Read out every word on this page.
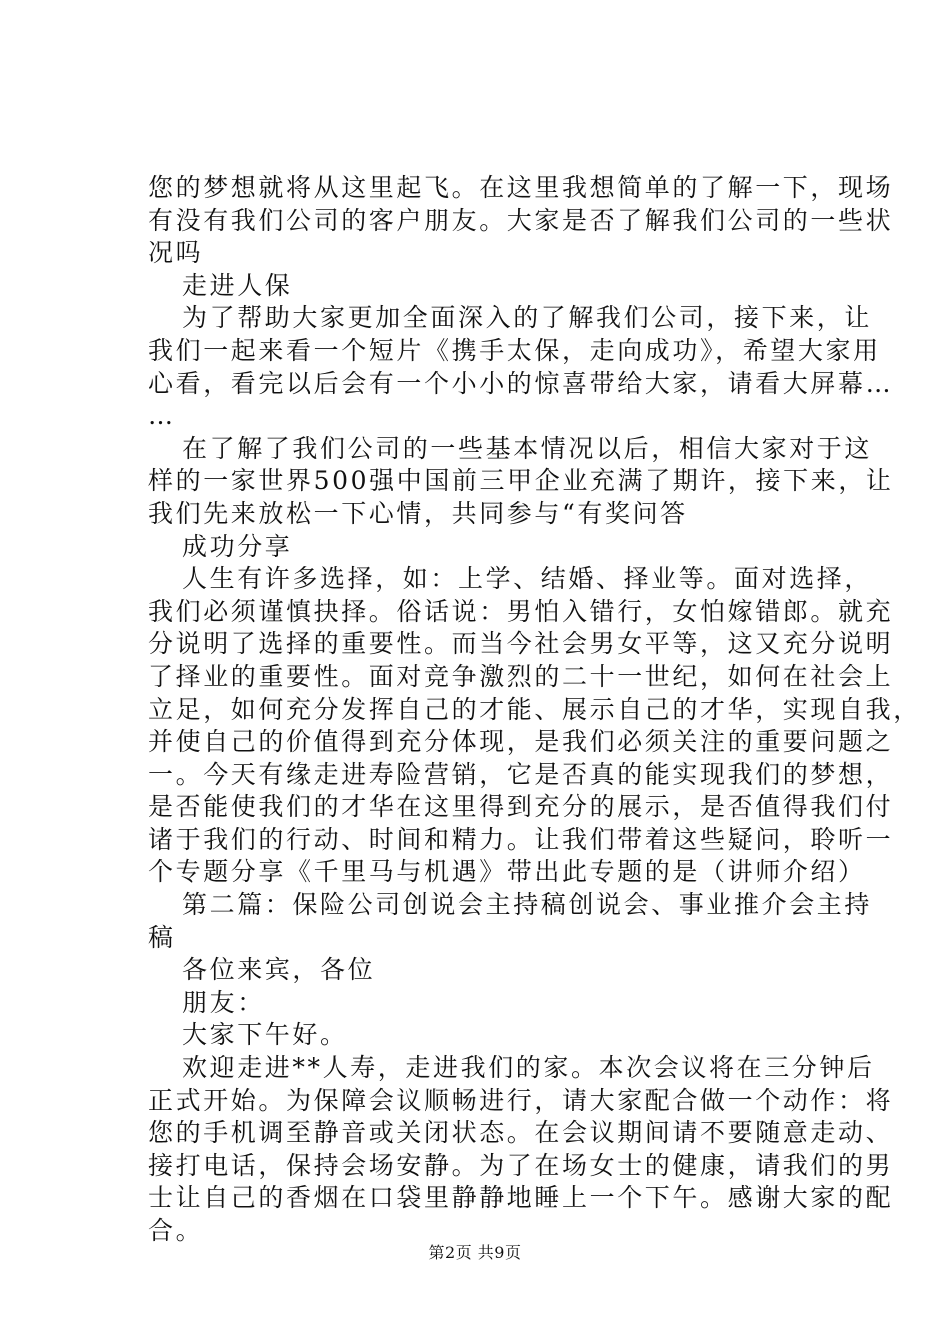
您的梦想就将从这里起飞。在这里我想简单的了解一下，现场
有没有我们公司的客户朋友。大家是否了解我们公司的一些状
况吗
走进人保
为了帮助大家更加全面深入的了解我们公司，接下来，让
我们一起来看一个短片《携手太保，走向成功》，希望大家用
心看，看完以后会有一个小小的惊喜带给大家，请看大屏幕…
…
在了解了我们公司的一些基本情况以后，相信大家对于这
样的一家世界500强中国前三甲企业充满了期许，接下来，让
我们先来放松一下心情，共同参与“有奖问答
成功分享
人生有许多选择，如：上学、结婚、择业等。面对选择，
我们必须谨慎抉择。俗话说：男怕入错行，女怕嫁错郎。就充
分说明了选择的重要性。而当今社会男女平等，这又充分说明
了择业的重要性。面对竞争激烈的二十一世纪，如何在社会上
立足，如何充分发挥自己的才能、展示自己的才华，实现自我，
并使自己的价值得到充分体现，是我们必须关注的重要问题之
一。今天有缘走进寿险营销，它是否真的能实现我们的梦想，
是否能使我们的才华在这里得到充分的展示，是否值得我们付
诸于我们的行动、时间和精力。让我们带着这些疑问，聆听一
个专题分享《千里马与机遇》带出此专题的是（讲师介绍）
第二篇：保险公司创说会主持稿创说会、事业推介会主持
稿
各位来宾，各位
朋友：
大家下午好。
欢迎走进**人寿，走进我们的家。本次会议将在三分钟后
正式开始。为保障会议顺畅进行，请大家配合做一个动作：将
您的手机调至静音或关闭状态。在会议期间请不要随意走动、
接打电话，保持会场安静。为了在场女士的健康，请我们的男
士让自己的香烟在口袋里静静地睡上一个下午。感谢大家的配
合。
第2页 共9页
